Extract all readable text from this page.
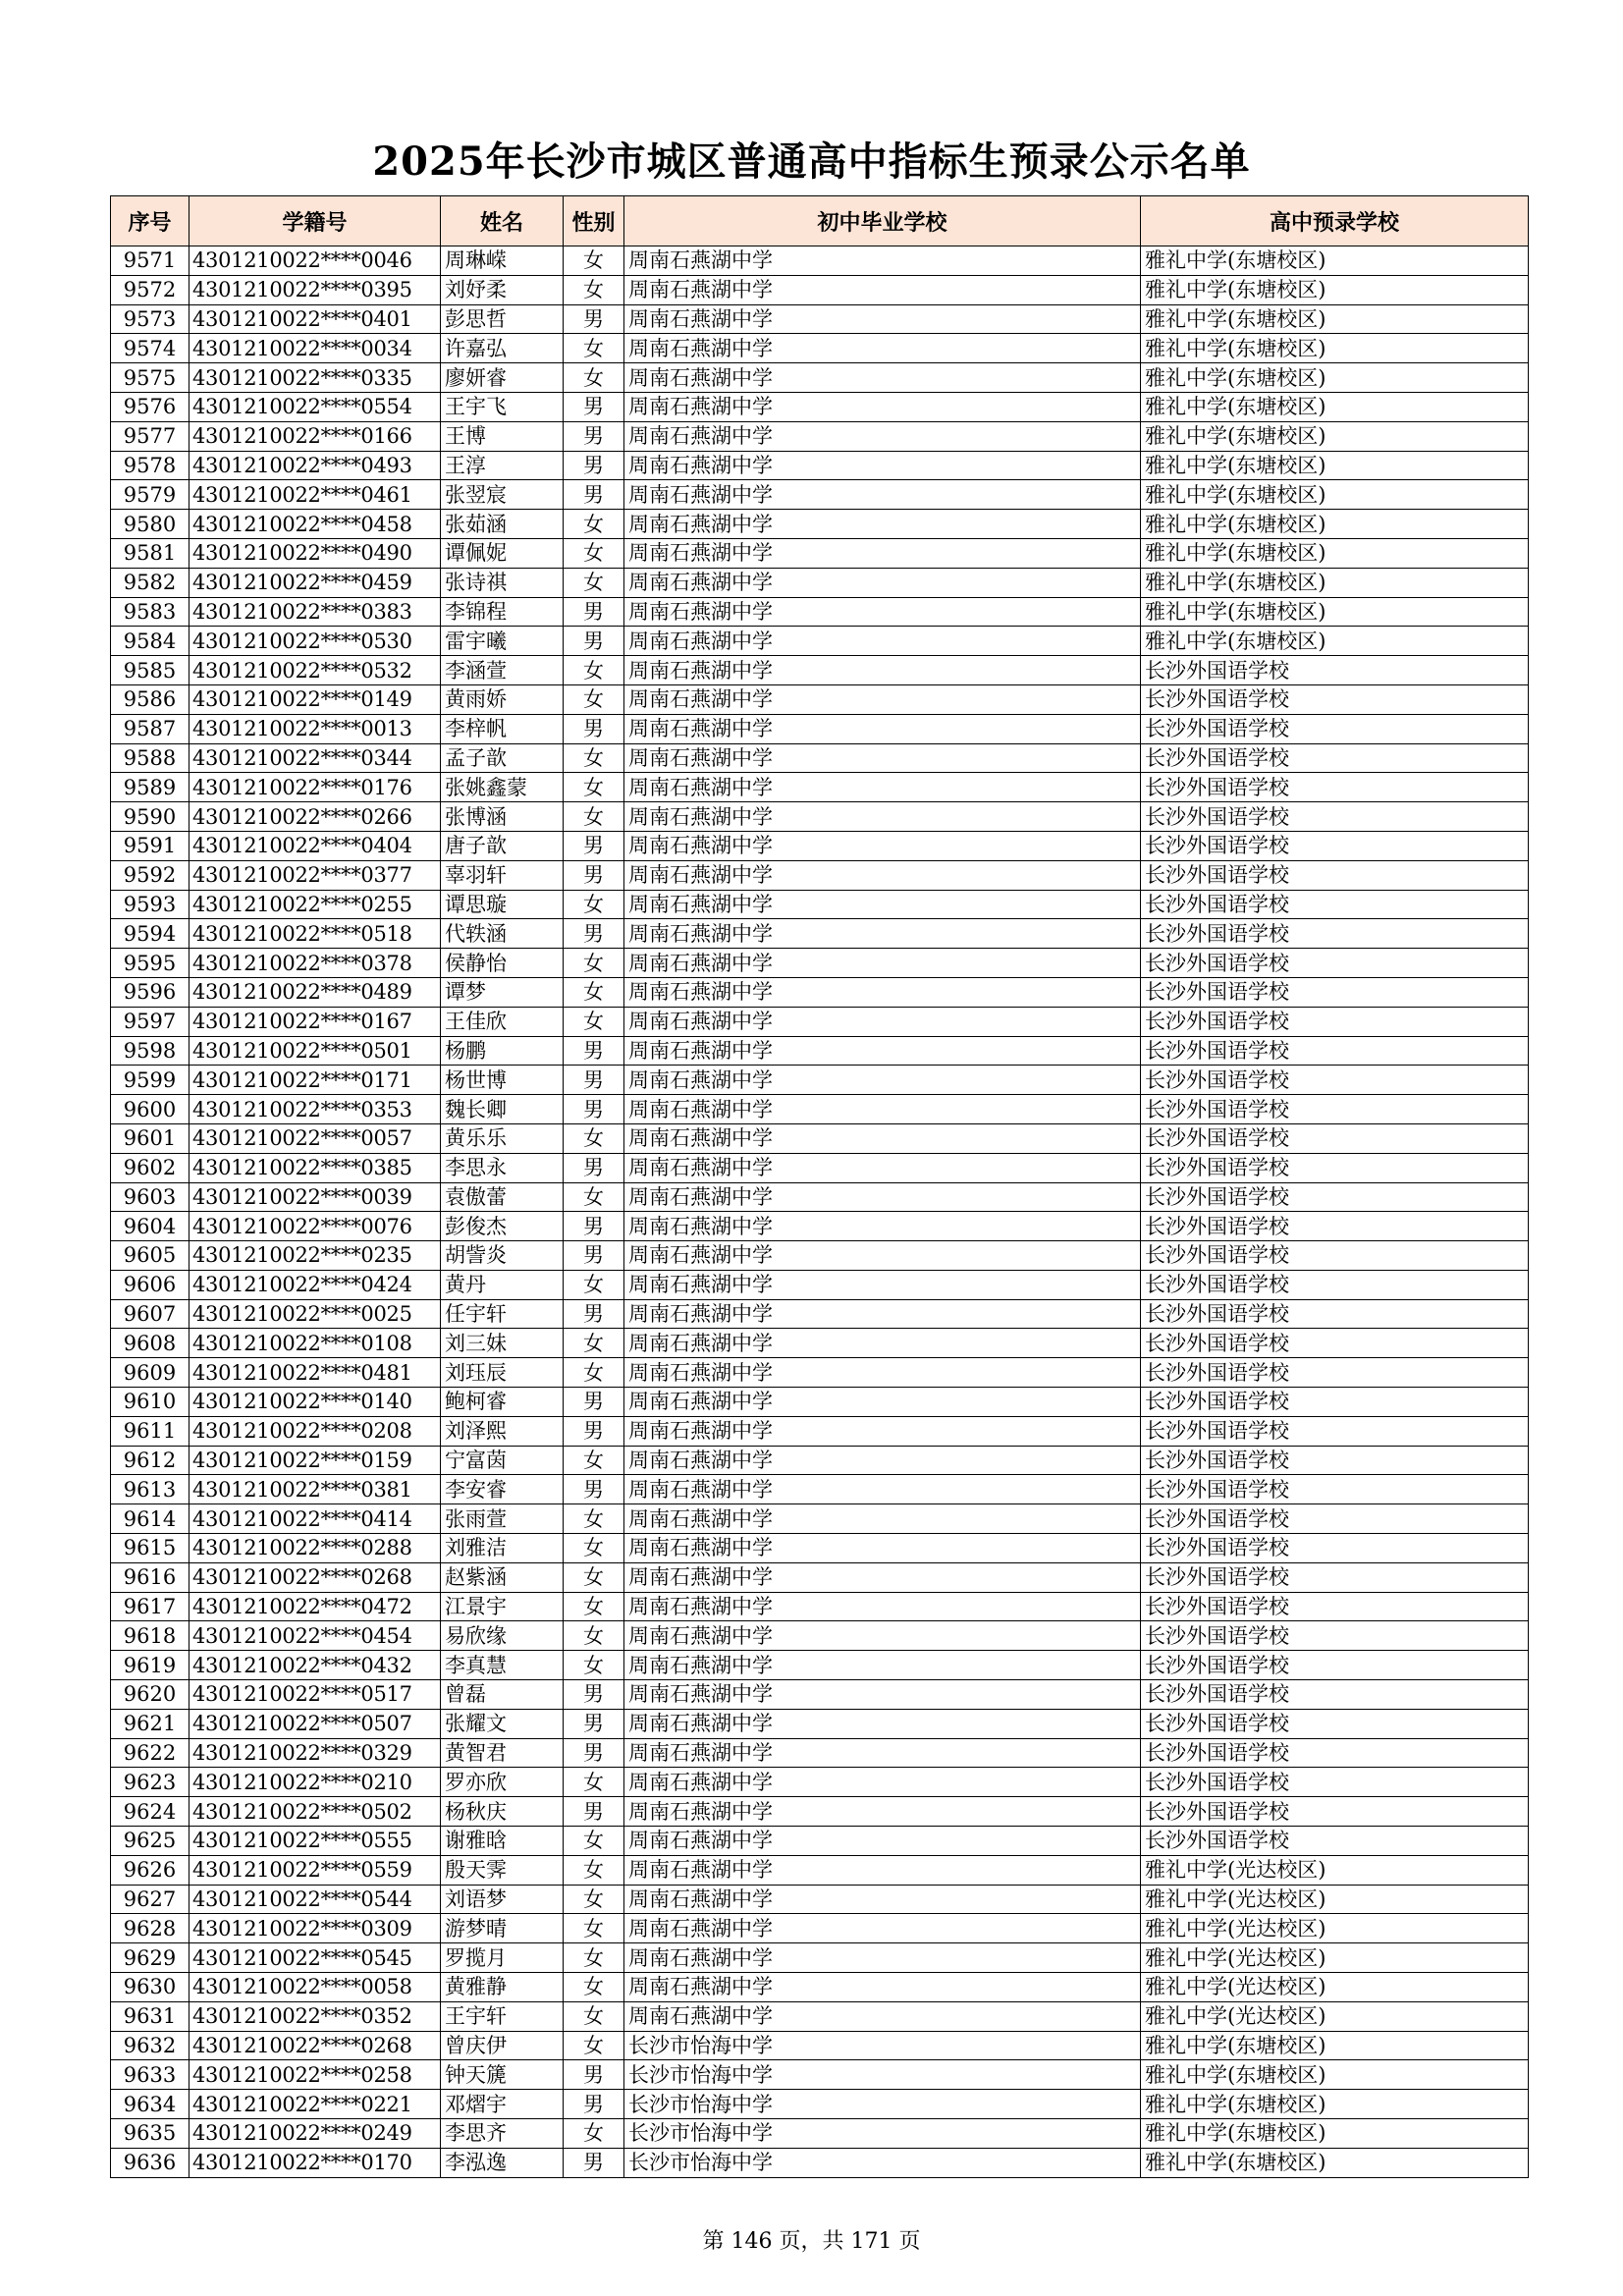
2025年长沙市城区普通高中指标生预录公示名单
序号	学籍号	姓名	性别	初中毕业学校	高中预录学校
9571	4301210022****0046	周琳嵘	女	周南石燕湖中学	雅礼中学(东塘校区)
9572	4301210022****0395	刘妤柔	女	周南石燕湖中学	雅礼中学(东塘校区)
9573	4301210022****0401	彭思哲	男	周南石燕湖中学	雅礼中学(东塘校区)
9574	4301210022****0034	许嘉弘	女	周南石燕湖中学	雅礼中学(东塘校区)
9575	4301210022****0335	廖妍睿	女	周南石燕湖中学	雅礼中学(东塘校区)
9576	4301210022****0554	王宇飞	男	周南石燕湖中学	雅礼中学(东塘校区)
9577	4301210022****0166	王博	男	周南石燕湖中学	雅礼中学(东塘校区)
9578	4301210022****0493	王淳	男	周南石燕湖中学	雅礼中学(东塘校区)
9579	4301210022****0461	张翌宸	男	周南石燕湖中学	雅礼中学(东塘校区)
9580	4301210022****0458	张茹涵	女	周南石燕湖中学	雅礼中学(东塘校区)
9581	4301210022****0490	谭佩妮	女	周南石燕湖中学	雅礼中学(东塘校区)
9582	4301210022****0459	张诗祺	女	周南石燕湖中学	雅礼中学(东塘校区)
9583	4301210022****0383	李锦程	男	周南石燕湖中学	雅礼中学(东塘校区)
9584	4301210022****0530	雷宇曦	男	周南石燕湖中学	雅礼中学(东塘校区)
9585	4301210022****0532	李涵萱	女	周南石燕湖中学	长沙外国语学校
9586	4301210022****0149	黄雨娇	女	周南石燕湖中学	长沙外国语学校
9587	4301210022****0013	李梓帆	男	周南石燕湖中学	长沙外国语学校
9588	4301210022****0344	孟子歆	女	周南石燕湖中学	长沙外国语学校
9589	4301210022****0176	张姚鑫蒙	女	周南石燕湖中学	长沙外国语学校
9590	4301210022****0266	张博涵	女	周南石燕湖中学	长沙外国语学校
9591	4301210022****0404	唐子歆	男	周南石燕湖中学	长沙外国语学校
9592	4301210022****0377	辜羽轩	男	周南石燕湖中学	长沙外国语学校
9593	4301210022****0255	谭思璇	女	周南石燕湖中学	长沙外国语学校
9594	4301210022****0518	代轶涵	男	周南石燕湖中学	长沙外国语学校
9595	4301210022****0378	侯静怡	女	周南石燕湖中学	长沙外国语学校
9596	4301210022****0489	谭梦	女	周南石燕湖中学	长沙外国语学校
9597	4301210022****0167	王佳欣	女	周南石燕湖中学	长沙外国语学校
9598	4301210022****0501	杨鹏	男	周南石燕湖中学	长沙外国语学校
9599	4301210022****0171	杨世博	男	周南石燕湖中学	长沙外国语学校
9600	4301210022****0353	魏长卿	男	周南石燕湖中学	长沙外国语学校
9601	4301210022****0057	黄乐乐	女	周南石燕湖中学	长沙外国语学校
9602	4301210022****0385	李思永	男	周南石燕湖中学	长沙外国语学校
9603	4301210022****0039	袁傲蕾	女	周南石燕湖中学	长沙外国语学校
9604	4301210022****0076	彭俊杰	男	周南石燕湖中学	长沙外国语学校
9605	4301210022****0235	胡訾炎	男	周南石燕湖中学	长沙外国语学校
9606	4301210022****0424	黄丹	女	周南石燕湖中学	长沙外国语学校
9607	4301210022****0025	任宇轩	男	周南石燕湖中学	长沙外国语学校
9608	4301210022****0108	刘三妹	女	周南石燕湖中学	长沙外国语学校
9609	4301210022****0481	刘珏辰	女	周南石燕湖中学	长沙外国语学校
9610	4301210022****0140	鲍柯睿	男	周南石燕湖中学	长沙外国语学校
9611	4301210022****0208	刘泽熙	男	周南石燕湖中学	长沙外国语学校
9612	4301210022****0159	宁富茵	女	周南石燕湖中学	长沙外国语学校
9613	4301210022****0381	李安睿	男	周南石燕湖中学	长沙外国语学校
9614	4301210022****0414	张雨萱	女	周南石燕湖中学	长沙外国语学校
9615	4301210022****0288	刘雅洁	女	周南石燕湖中学	长沙外国语学校
9616	4301210022****0268	赵紫涵	女	周南石燕湖中学	长沙外国语学校
9617	4301210022****0472	江景宇	女	周南石燕湖中学	长沙外国语学校
9618	4301210022****0454	易欣缘	女	周南石燕湖中学	长沙外国语学校
9619	4301210022****0432	李真慧	女	周南石燕湖中学	长沙外国语学校
9620	4301210022****0517	曾磊	男	周南石燕湖中学	长沙外国语学校
9621	4301210022****0507	张耀文	男	周南石燕湖中学	长沙外国语学校
9622	4301210022****0329	黄智君	男	周南石燕湖中学	长沙外国语学校
9623	4301210022****0210	罗亦欣	女	周南石燕湖中学	长沙外国语学校
9624	4301210022****0502	杨秋庆	男	周南石燕湖中学	长沙外国语学校
9625	4301210022****0555	谢雅晗	女	周南石燕湖中学	长沙外国语学校
9626	4301210022****0559	殷天霁	女	周南石燕湖中学	雅礼中学(光达校区)
9627	4301210022****0544	刘语梦	女	周南石燕湖中学	雅礼中学(光达校区)
9628	4301210022****0309	游梦晴	女	周南石燕湖中学	雅礼中学(光达校区)
9629	4301210022****0545	罗揽月	女	周南石燕湖中学	雅礼中学(光达校区)
9630	4301210022****0058	黄雅静	女	周南石燕湖中学	雅礼中学(光达校区)
9631	4301210022****0352	王宇轩	女	周南石燕湖中学	雅礼中学(光达校区)
9632	4301210022****0268	曾庆伊	女	长沙市怡海中学	雅礼中学(东塘校区)
9633	4301210022****0258	钟天篪	男	长沙市怡海中学	雅礼中学(东塘校区)
9634	4301210022****0221	邓熠宇	男	长沙市怡海中学	雅礼中学(东塘校区)
9635	4301210022****0249	李思齐	女	长沙市怡海中学	雅礼中学(东塘校区)
9636	4301210022****0170	李泓逸	男	长沙市怡海中学	雅礼中学(东塘校区)
第 146 页，共 171 页
